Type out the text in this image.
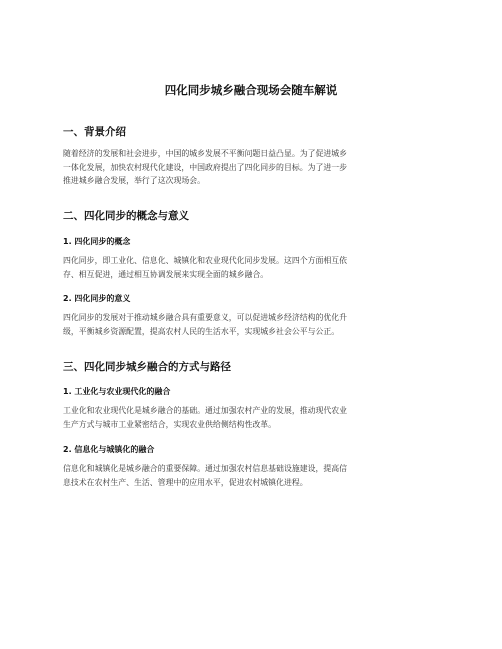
四化同步城乡融合现场会随车解说
一、背景介绍
随着经济的发展和社会进步，中国的城乡发展不平衡问题日益凸显。为了促进城乡
一体化发展，加快农村现代化建设，中国政府提出了四化同步的目标。为了进一步
推进城乡融合发展，举行了这次现场会。
二、四化同步的概念与意义
1. 四化同步的概念
四化同步，即工业化、信息化、城镇化和农业现代化同步发展。这四个方面相互依
存、相互促进，通过相互协调发展来实现全面的城乡融合。
2. 四化同步的意义
四化同步的发展对于推动城乡融合具有重要意义，可以促进城乡经济结构的优化升
级，平衡城乡资源配置，提高农村人民的生活水平，实现城乡社会公平与公正。
三、四化同步城乡融合的方式与路径
1. 工业化与农业现代化的融合
工业化和农业现代化是城乡融合的基础。通过加强农村产业的发展，推动现代农业
生产方式与城市工业紧密结合，实现农业供给侧结构性改革。
2. 信息化与城镇化的融合
信息化和城镇化是城乡融合的重要保障。通过加强农村信息基础设施建设，提高信
息技术在农村生产、生活、管理中的应用水平，促进农村城镇化进程。
